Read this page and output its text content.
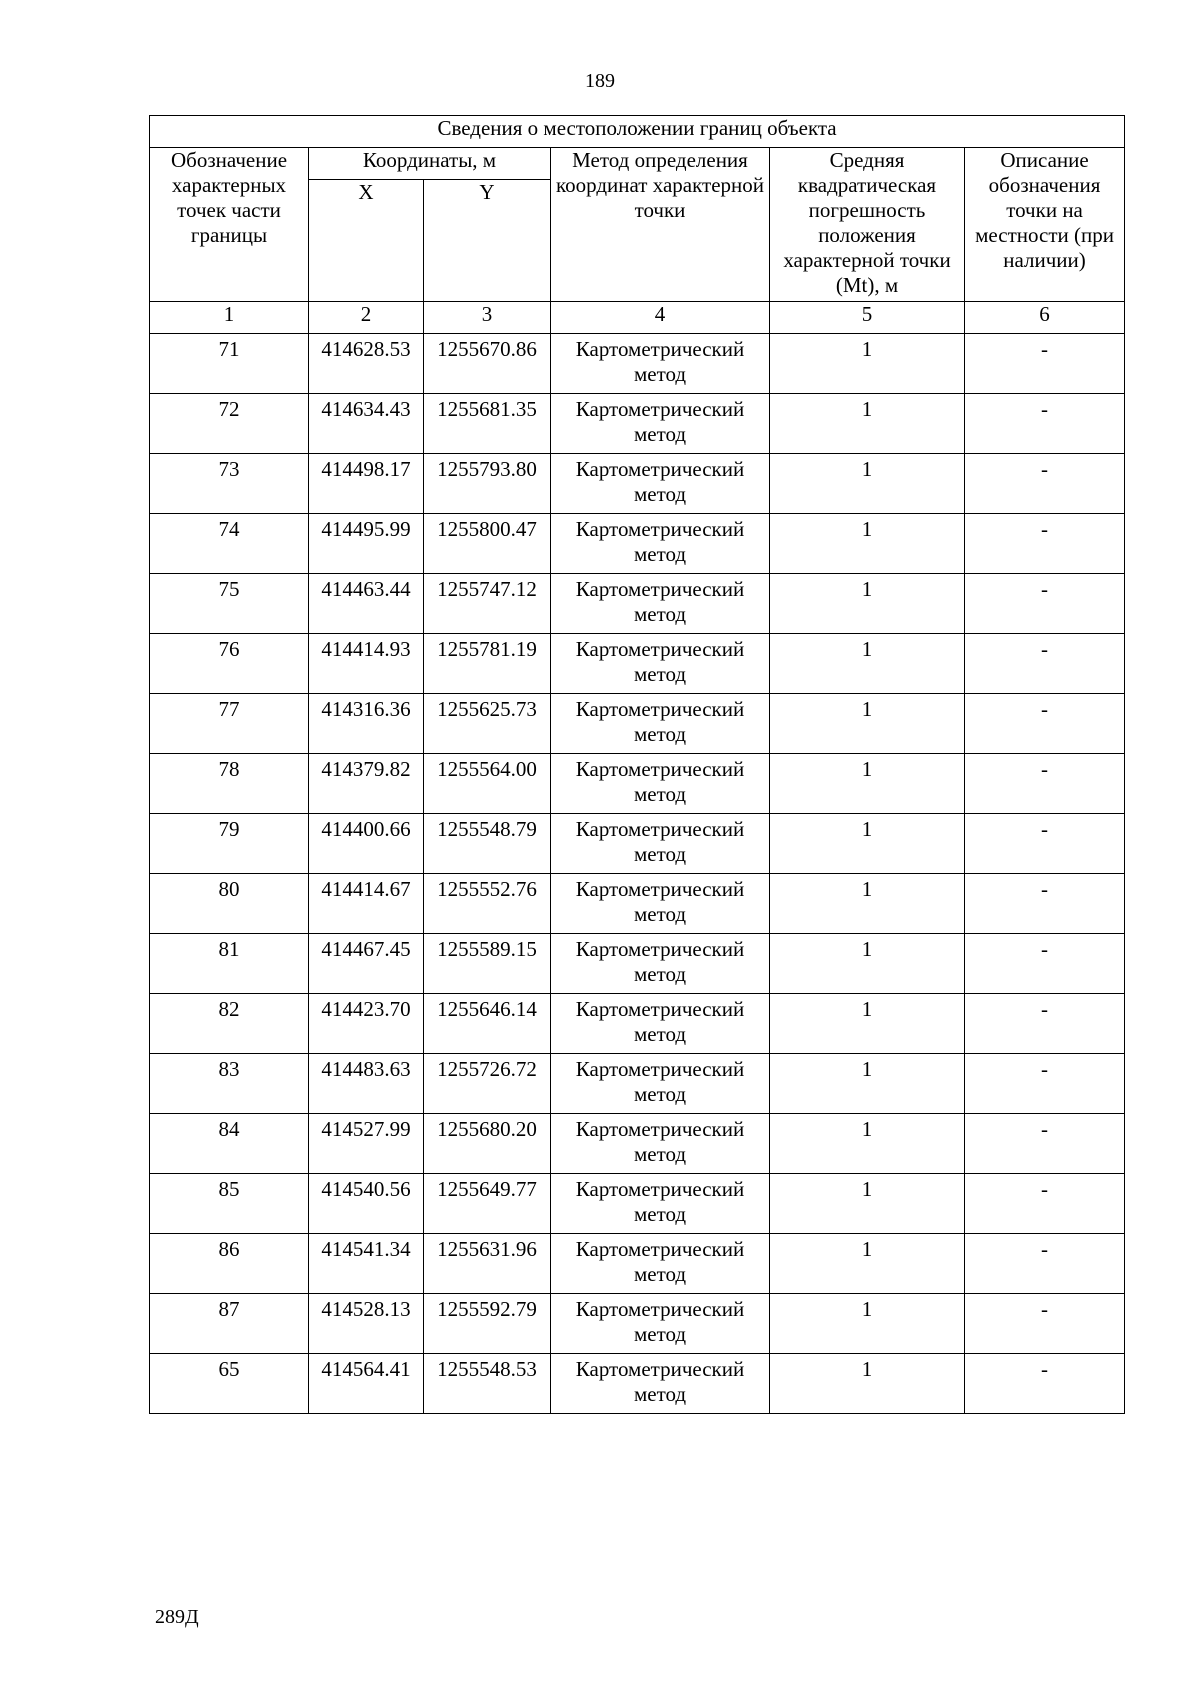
189
Сведения о местоположении границ объекта					

Обозначение характерных точек части границы	Координаты, м		Метод определения координат характерной точки	Средняя квадратическая погрешность положения характерной точки (Mt), м	Описание обозначения точки на местности (при наличии)

	X	Y			
1	2	3	4	5	6
71	414628.53	1255670.86	Картометрический метод	1	-
72	414634.43	1255681.35	Картометрический метод	1	-
73	414498.17	1255793.80	Картометрический метод	1	-
74	414495.99	1255800.47	Картометрический метод	1	-
75	414463.44	1255747.12	Картометрический метод	1	-
76	414414.93	1255781.19	Картометрический метод	1	-
77	414316.36	1255625.73	Картометрический метод	1	-
78	414379.82	1255564.00	Картометрический метод	1	-
79	414400.66	1255548.79	Картометрический метод	1	-
80	414414.67	1255552.76	Картометрический метод	1	-
81	414467.45	1255589.15	Картометрический метод	1	-
82	414423.70	1255646.14	Картометрический метод	1	-
83	414483.63	1255726.72	Картометрический метод	1	-
84	414527.99	1255680.20	Картометрический метод	1	-
85	414540.56	1255649.77	Картометрический метод	1	-
86	414541.34	1255631.96	Картометрический метод	1	-
87	414528.13	1255592.79	Картометрический метод	1	-
65	414564.41	1255548.53	Картометрический метод	1	-
289Д
